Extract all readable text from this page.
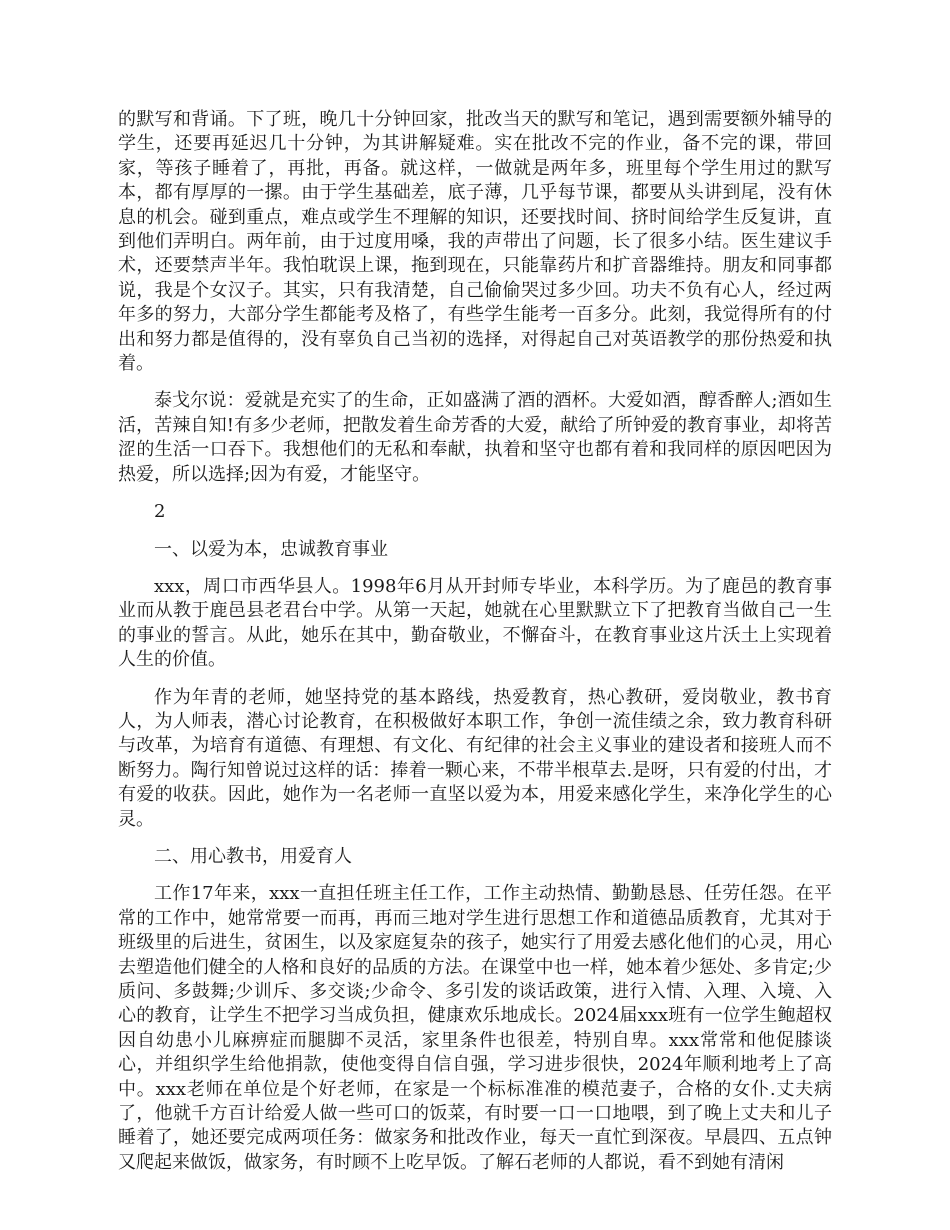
的默写和背诵。下了班，晚几十分钟回家，批改当天的默写和笔记，遇到需要额外辅导的学生，还要再延迟几十分钟，为其讲解疑难。实在批改不完的作业，备不完的课，带回家，等孩子睡着了，再批，再备。就这样，一做就是两年多，班里每个学生用过的默写本，都有厚厚的一摞。由于学生基础差，底子薄，几乎每节课，都要从头讲到尾，没有休息的机会。碰到重点，难点或学生不理解的知识，还要找时间、挤时间给学生反复讲，直到他们弄明白。两年前，由于过度用嗓，我的声带出了问题，长了很多小结。医生建议手术，还要禁声半年。我怕耽误上课，拖到现在，只能靠药片和扩音器维持。朋友和同事都说，我是个女汉子。其实，只有我清楚，自己偷偷哭过多少回。功夫不负有心人，经过两年多的努力，大部分学生都能考及格了，有些学生能考一百多分。此刻，我觉得所有的付出和努力都是值得的，没有辜负自己当初的选择，对得起自己对英语教学的那份热爱和执着。

泰戈尔说：爱就是充实了的生命，正如盛满了酒的酒杯。大爱如酒，醇香醉人;酒如生活，苦辣自知!有多少老师，把散发着生命芳香的大爱，献给了所钟爱的教育事业，却将苦涩的生活一口吞下。我想他们的无私和奉献，执着和坚守也都有着和我同样的原因吧因为热爱，所以选择;因为有爱，才能坚守。

2

一、以爱为本，忠诚教育事业

xxx，周口市西华县人。1998年6月从开封师专毕业，本科学历。为了鹿邑的教育事业而从教于鹿邑县老君台中学。从第一天起，她就在心里默默立下了把教育当做自己一生的事业的誓言。从此，她乐在其中，勤奋敬业，不懈奋斗，在教育事业这片沃土上实现着人生的价值。

作为年青的老师，她坚持党的基本路线，热爱教育，热心教研，爱岗敬业，教书育人，为人师表，潜心讨论教育，在积极做好本职工作，争创一流佳绩之余，致力教育科研与改革，为培育有道德、有理想、有文化、有纪律的社会主义事业的建设者和接班人而不断努力。陶行知曾说过这样的话：捧着一颗心来，不带半根草去.是呀，只有爱的付出，才有爱的收获。因此，她作为一名老师一直坚以爱为本，用爱来感化学生，来净化学生的心灵。

二、用心教书，用爱育人

工作17年来，xxx一直担任班主任工作，工作主动热情、勤勤恳恳、任劳任怨。在平常的工作中，她常常要一而再，再而三地对学生进行思想工作和道德品质教育，尤其对于班级里的后进生，贫困生，以及家庭复杂的孩子，她实行了用爱去感化他们的心灵，用心去塑造他们健全的人格和良好的品质的方法。在课堂中也一样，她本着少惩处、多肯定;少质问、多鼓舞;少训斥、多交谈;少命令、多引发的谈话政策，进行入情、入理、入境、入心的教育，让学生不把学习当成负担，健康欢乐地成长。2024届xxx班有一位学生鲍超权因自幼患小儿麻痹症而腿脚不灵活，家里条件也很差，特别自卑。xxx常常和他促膝谈心，并组织学生给他捐款，使他变得自信自强，学习进步很快，2024年顺利地考上了高中。xxx老师在单位是个好老师，在家是一个标标准准的模范妻子，合格的女仆.丈夫病了，他就千方百计给爱人做一些可口的饭菜，有时要一口一口地喂，到了晚上丈夫和儿子睡着了，她还要完成两项任务：做家务和批改作业，每天一直忙到深夜。早晨四、五点钟又爬起来做饭，做家务，有时顾不上吃早饭。了解石老师的人都说，看不到她有清闲
